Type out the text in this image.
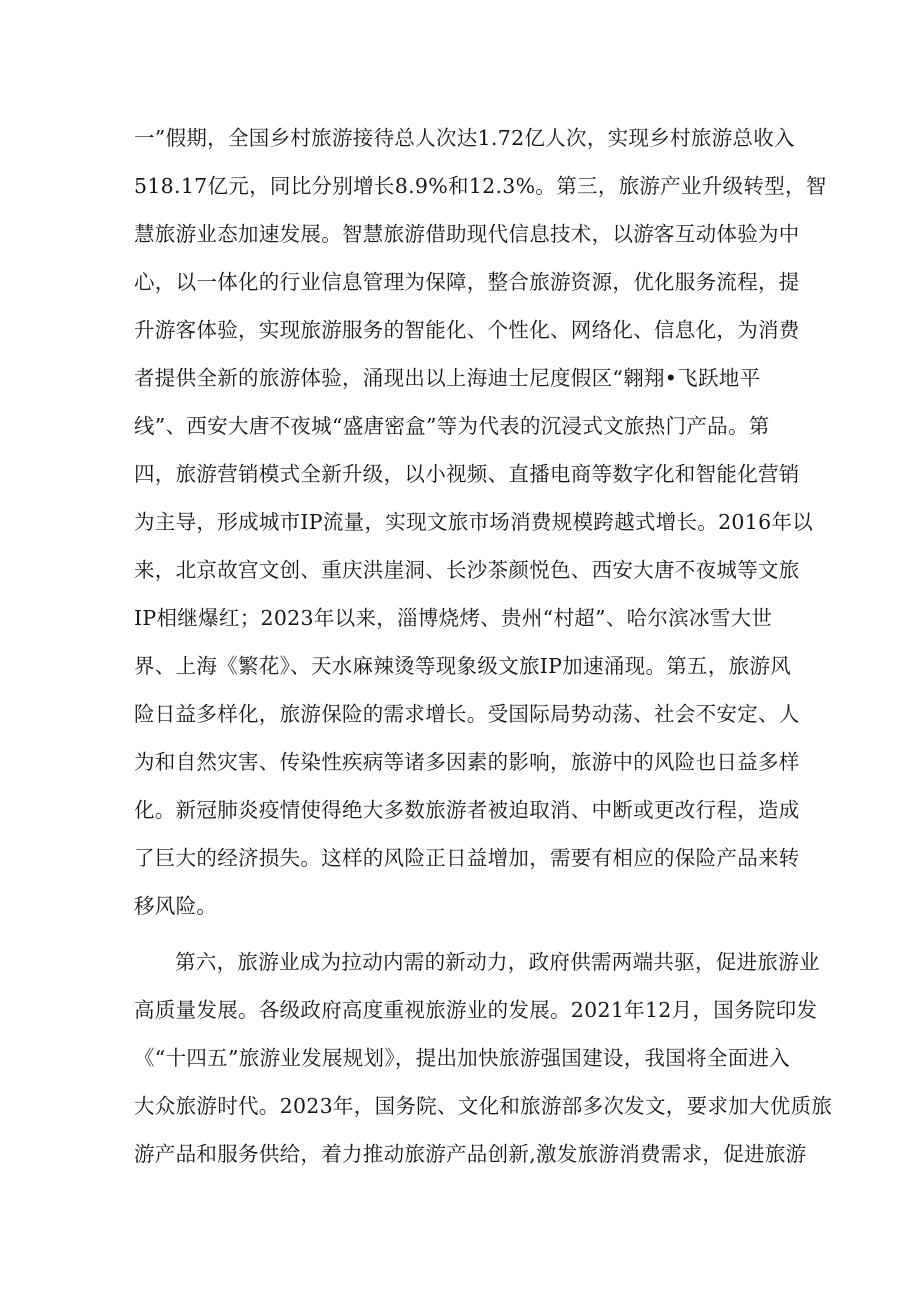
一”假期，全国乡村旅游接待总人次达1.72亿人次，实现乡村旅游总收入

518.17亿元，同比分别增长8.9%和12.3%。第三，旅游产业升级转型，智

慧旅游业态加速发展。智慧旅游借助现代信息技术，以游客互动体验为中

心，以一体化的行业信息管理为保障，整合旅游资源，优化服务流程，提

升游客体验，实现旅游服务的智能化、个性化、网络化、信息化，为消费

者提供全新的旅游体验，涌现出以上海迪士尼度假区“翱翔•飞跃地平

线”、西安大唐不夜城“盛唐密盒”等为代表的沉浸式文旅热门产品。第

四，旅游营销模式全新升级，以小视频、直播电商等数字化和智能化营销

为主导，形成城市IP流量，实现文旅市场消费规模跨越式增长。2016年以

来，北京故宫文创、重庆洪崖洞、长沙茶颜悦色、西安大唐不夜城等文旅

IP相继爆红；2023年以来，淄博烧烤、贵州“村超”、哈尔滨冰雪大世

界、上海《繁花》、天水麻辣烫等现象级文旅IP加速涌现。第五，旅游风

险日益多样化，旅游保险的需求增长。受国际局势动荡、社会不安定、人

为和自然灾害、传染性疾病等诸多因素的影响，旅游中的风险也日益多样

化。新冠肺炎疫情使得绝大多数旅游者被迫取消、中断或更改行程，造成

了巨大的经济损失。这样的风险正日益增加，需要有相应的保险产品来转

移风险。

第六，旅游业成为拉动内需的新动力，政府供需两端共驱，促进旅游业

高质量发展。各级政府高度重视旅游业的发展。2021年12月，国务院印发

《“十四五”旅游业发展规划》，提出加快旅游强国建设，我国将全面进入

大众旅游时代。2023年，国务院、文化和旅游部多次发文，要求加大优质旅

游产品和服务供给，着力推动旅游产品创新,激发旅游消费需求，促进旅游
